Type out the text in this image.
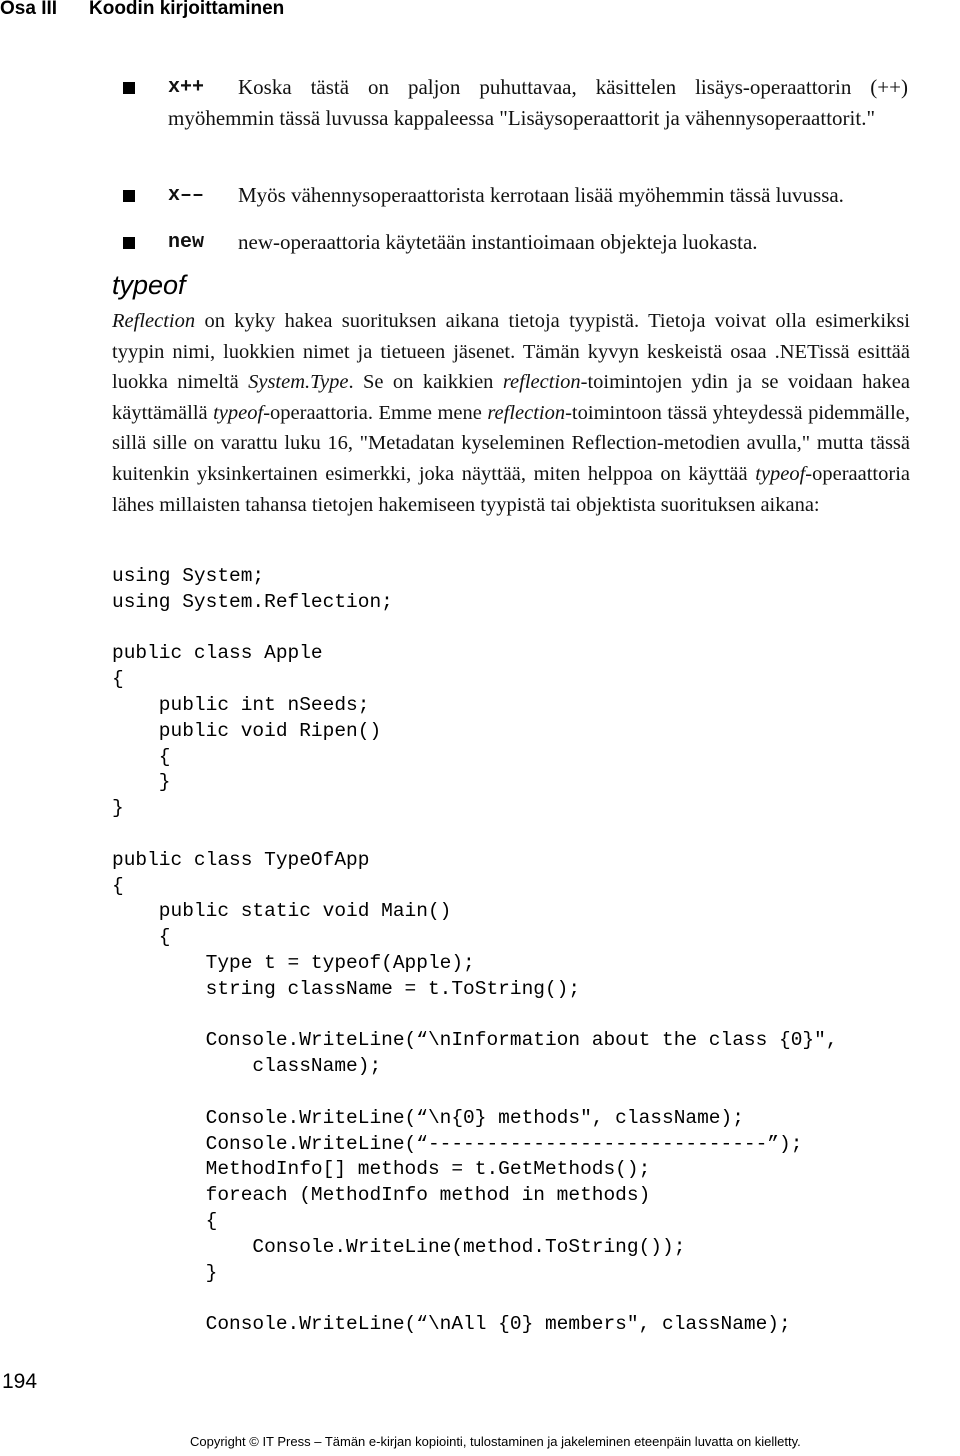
Osa III Koodin kirjoittaminen
x++	Koska tästä on paljon puhuttavaa, käsittelen lisäys-operaattorin (++) myöhemmin tässä luvussa kappaleessa "Lisäysoperaattorit ja vähennysoperaattorit."
x––	Myös vähennysoperaattorista kerrotaan lisää myöhemmin tässä luvussa.
new	new-operaattoria käytetään instantioimaan objekteja luokasta.
typeof
Reflection on kyky hakea suorituksen aikana tietoja tyypistä. Tietoja voivat olla esimerkiksi tyypin nimi, luokkien nimet ja tietueen jäsenet. Tämän kyvyn keskeistä osaa .NETissä esittää luokka nimeltä System.Type. Se on kaikkien reflection-toimintojen ydin ja se voidaan hakea käyttämällä typeof-operaattoria. Emme mene reflection-toimintoon tässä yhteydessä pidemmälle, sillä sille on varattu luku 16, "Metadatan kyseleminen Reflection-metodien avulla," mutta tässä kuitenkin yksinkertainen esimerkki, joka näyttää, miten helppoa on käyttää typeof-operaattoria lähes millaisten tahansa tietojen hakemiseen tyypistä tai objektista suorituksen aikana:
using System;
using System.Reflection;
public class Apple
{
public int nSeeds;
public void Ripen()
{
}
}
public class TypeOfApp
{
public static void Main()
{
Type t = typeof(Apple);
string className = t.ToString();
Console.WriteLine(“\nInformation about the class {0}",
className);
Console.WriteLine(“\n{0} methods", className);
Console.WriteLine(“-----------------------------”);
MethodInfo[] methods = t.GetMethods();
foreach (MethodInfo method in methods)
{
Console.WriteLine(method.ToString());
}
Console.WriteLine(“\nAll {0} members", className);
194
Copyright © IT Press – Tämän e-kirjan kopiointi, tulostaminen ja jakeleminen eteenpäin luvatta on kielletty.
